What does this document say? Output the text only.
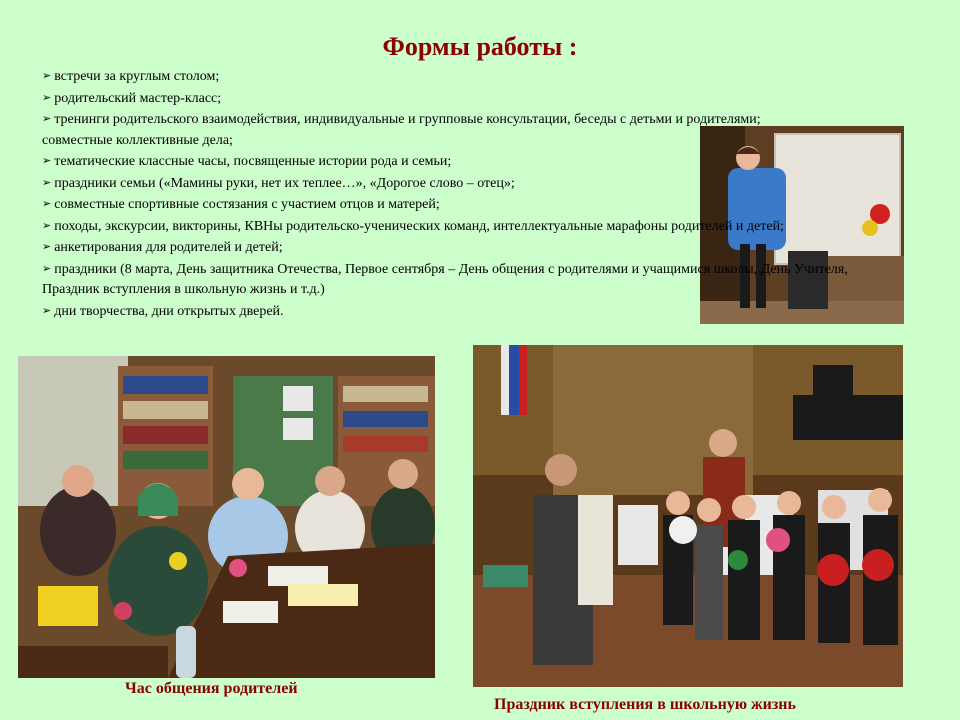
Формы работы :
➢ встречи за круглым столом;
➢ родительский мастер-класс;
➢ тренинги родительского взаимодействия, индивидуальные и групповые консультации, беседы с детьми и родителями;
совместные коллективные дела;
➢ тематические классные часы, посвященные истории рода и семьи;
➢ праздники семьи («Мамины руки, нет их теплее…», «Дорогое слово – отец»;
➢ совместные спортивные состязания с участием отцов и матерей;
➢ походы, экскурсии, викторины, КВНы родительско-ученических команд, интеллектуальные марафоны родителей и детей;
➢ анкетирования для родителей и детей;
➢ праздники (8 марта, День защитника Отечества, Первое сентября – День общения с родителями и учащимися школы, День Учителя, Праздник вступления в школьную жизнь и т.д.)
➢ дни творчества, дни открытых дверей.
Час общения родителей
Праздник вступления в школьную жизнь
